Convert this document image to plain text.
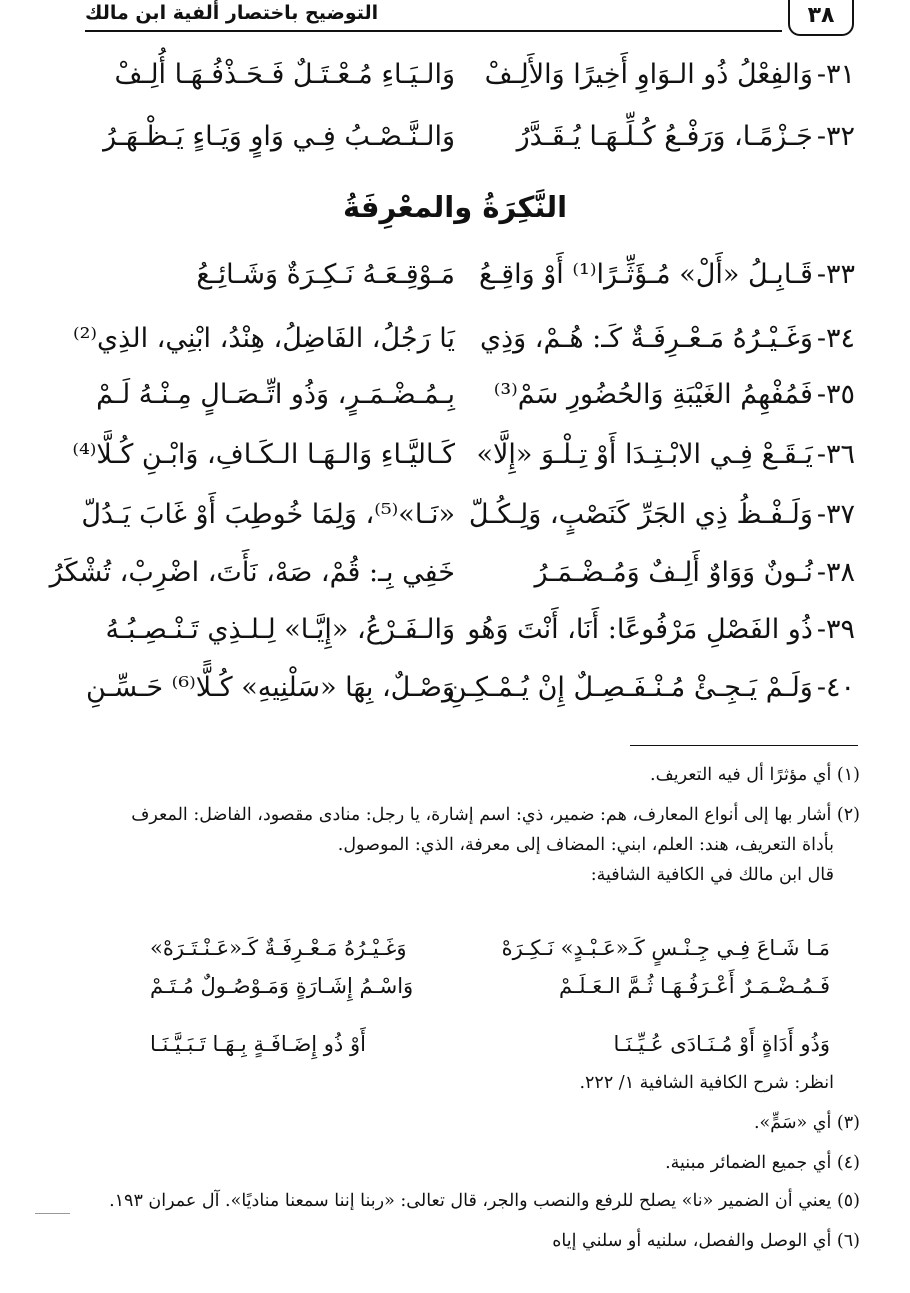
التوضيح باختصار ألفية ابن مالك	٣٨
٣١-وَالفِعْلُ ذُو الـوَاوِ أَخِيرًا وَالأَلِـفْ
وَالـيَـاءِ مُـعْـتَـلٌ فَـحَـذْفُـهَـا أُلِـفْ
٣٢-جَـزْمًـا، وَرَفْـعُ كُـلِّـهَـا يُـقَـدَّرُ
وَالـنَّـصْـبُ فِـي وَاوٍ وَيَـاءٍ يَـظْـهَـرُ
النَّكِرَةُ والمعْرِفَةُ
٣٣-قَـابِـلُ «أَلْ» مُـؤَثِّـرًا⁽¹⁾ أَوْ وَاقِـعُ
مَـوْقِـعَـهُ نَـكِـرَةٌ وَشَـائِـعُ
٣٤-وَغَـيْـرُهُ مَـعْـرِفَـةٌ كَـ: هُـمْ، وَذِي
يَا رَجُلُ، الفَاضِلُ، هِنْدُ، ابْنِي، الذِي⁽²⁾
٣٥-فَمُفْهِمُ الغَيْبَةِ وَالحُضُورِ سَمْ⁽³⁾
بِـمُـضْـمَـرٍ، وَذُو اتِّـصَـالٍ مِـنْـهُ لَـمْ
٣٦-يَـقَـعْ فِـي الابْـتِـدَا أَوْ تِـلْـوَ «إِلَّا»
كَـاليَّـاءِ وَالـهَـا الـكَـافِ، وَابْـنِ كُـلَّا⁽⁴⁾
٣٧-وَلَـفْـظُ ذِي الجَرِّ كَنَصْبٍ، وَلِـكُـلّ
«نَـا»⁽⁵⁾، وَلِمَا خُوطِبَ أَوْ غَابَ يَـدُلّ
٣٨-نُـونٌ وَوَاوٌ أَلِـفٌ وَمُـضْـمَـرُ
خَفِي بِـ: قُمْ، صَهْ، نَأَتَ، اضْرِبْ، تُشْكَرُ
٣٩-ذُو الفَصْلِ مَرْفُوعًا: أَنَا، أَنْتَ وَهُو
وَالـفَـرْعُ، «إِيَّـا» لِـلـذِي تَـنْـصِـبُـهُ
٤٠-وَلَـمْ يَـجِـئْ مُـنْـفَـصِـلٌ إِنْ يُـمْـكِـنِ
وَصْـلٌ، بِهَا «سَلْنِيهِ» كُـلًّا⁽⁶⁾ حَـسِّـنِ
(١) أي مؤثرًا أل فيه التعريف.
(٢) أشار بها إلى أنواع المعارف، هم: ضمير، ذي: اسم إشارة، يا رجل: منادى مقصود، الفاضل: المعرف
بأداة التعريف، هند: العلم، ابني: المضاف إلى معرفة، الذي: الموصول.
قال ابن مالك في الكافية الشافية:
مَـا شَـاعَ فِـي جِـنْـسٍ كَـ«عَـبْـدٍ» نَـكِـرَهْ
وَغَـيْـرُهُ مَـعْـرِفَـةٌ كَـ«عَـنْـتَـرَهْ»
فَـمُـضْـمَـرٌ أَعْـرَفُـهَـا ثُـمَّ الـعَـلَـمْ
وَاسْـمُ إِشَـارَةٍ وَمَـوْصُـولٌ مُـتَـمْ
وَذُو أَدَاةٍ أَوْ مُـنَـادَى عُـيِّـنَـا
أَوْ ذُو إِضَـافَـةٍ بِـهَـا تَـبَـيَّـنَـا
انظر: شرح الكافية الشافية ١/ ٢٢٢.
(٣) أي «سَمٍّ».
(٤) أي جميع الضمائر مبنية.
(٥) يعني أن الضمير «نا» يصلح للرفع والنصب والجر، قال تعالى: «ربنا إننا سمعنا مناديًا». آل عمران ١٩٣.
(٦) أي الوصل والفصل، سلنيه أو سلني إياه
